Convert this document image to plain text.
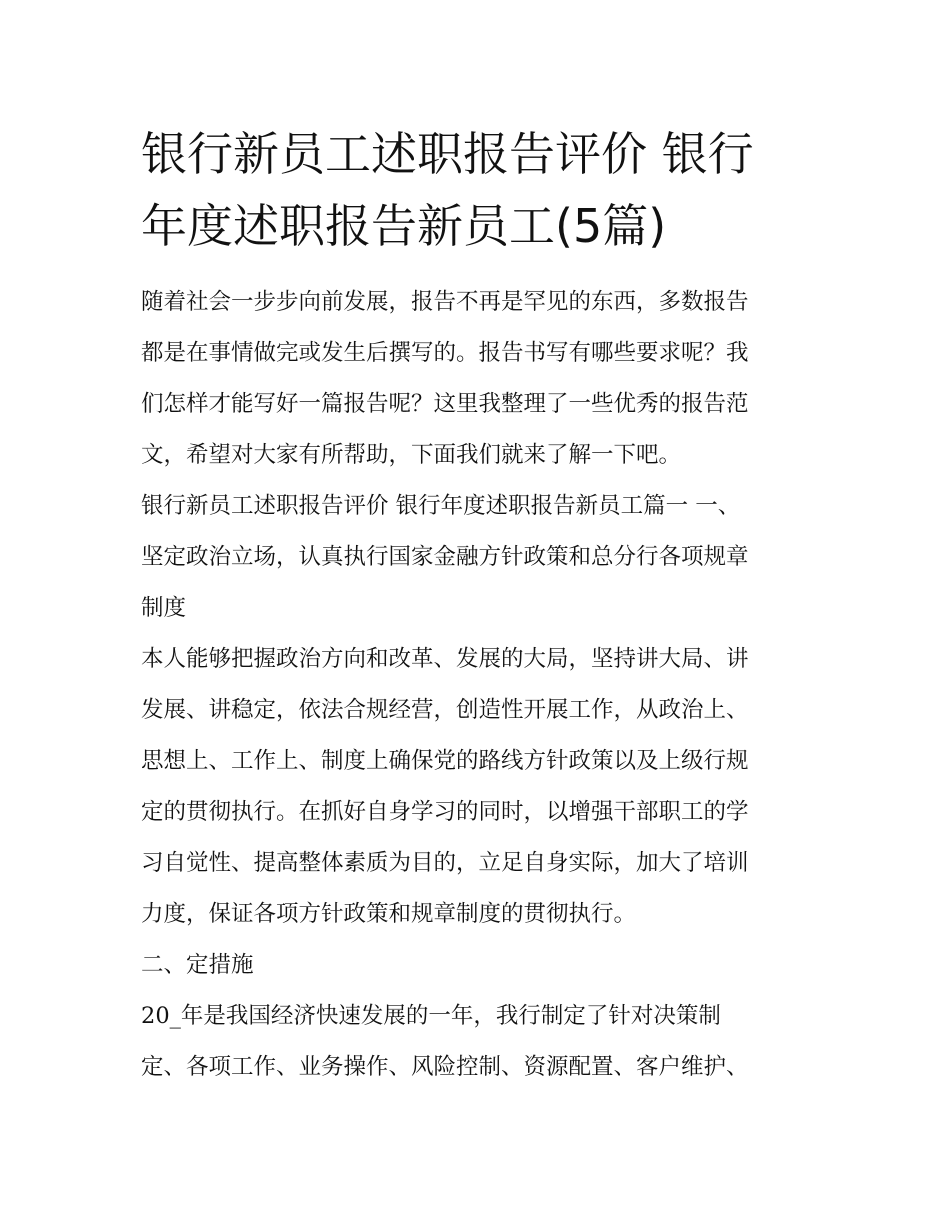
银行新员工述职报告评价 银行
年度述职报告新员工(5篇)
随着社会一步步向前发展，报告不再是罕见的东西，多数报告
都是在事情做完或发生后撰写的。报告书写有哪些要求呢？我
们怎样才能写好一篇报告呢？这里我整理了一些优秀的报告范
文，希望对大家有所帮助，下面我们就来了解一下吧。
银行新员工述职报告评价 银行年度述职报告新员工篇一 一、
坚定政治立场，认真执行国家金融方针政策和总分行各项规章
制度
本人能够把握政治方向和改革、发展的大局，坚持讲大局、讲
发展、讲稳定，依法合规经营，创造性开展工作，从政治上、
思想上、工作上、制度上确保党的路线方针政策以及上级行规
定的贯彻执行。在抓好自身学习的同时，以增强干部职工的学
习自觉性、提高整体素质为目的，立足自身实际，加大了培训
力度，保证各项方针政策和规章制度的贯彻执行。
二、定措施
20_年是我国经济快速发展的一年，我行制定了针对决策制
定、各项工作、业务操作、风险控制、资源配置、客户维护、
